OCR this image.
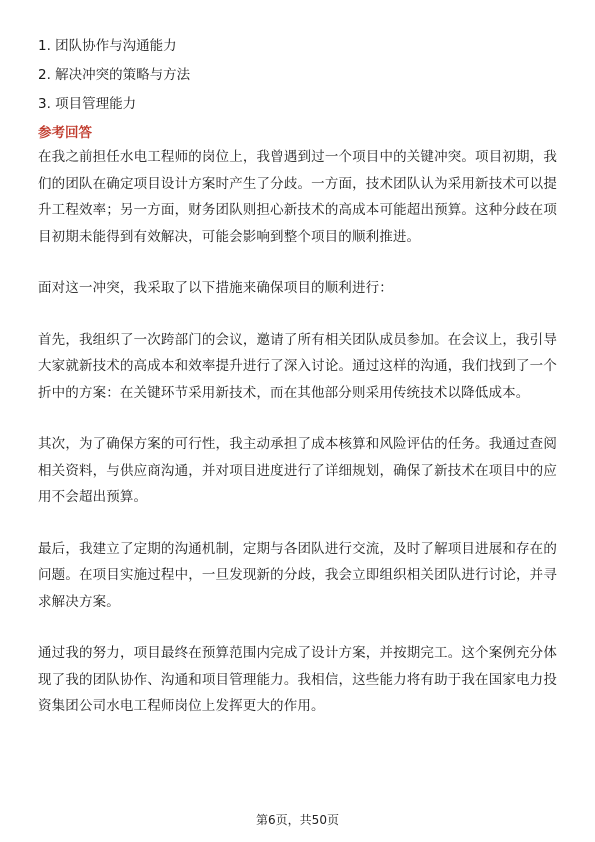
1. 团队协作与沟通能力
2. 解决冲突的策略与方法
3. 项目管理能力
参考回答
在我之前担任水电工程师的岗位上，我曾遇到过一个项目中的关键冲突。项目初期，我们的团队在确定项目设计方案时产生了分歧。一方面，技术团队认为采用新技术可以提升工程效率；另一方面，财务团队则担心新技术的高成本可能超出预算。这种分歧在项目初期未能得到有效解决，可能会影响到整个项目的顺利推进。
面对这一冲突，我采取了以下措施来确保项目的顺利进行：
首先，我组织了一次跨部门的会议，邀请了所有相关团队成员参加。在会议上，我引导大家就新技术的高成本和效率提升进行了深入讨论。通过这样的沟通，我们找到了一个折中的方案：在关键环节采用新技术，而在其他部分则采用传统技术以降低成本。
其次，为了确保方案的可行性，我主动承担了成本核算和风险评估的任务。我通过查阅相关资料，与供应商沟通，并对项目进度进行了详细规划，确保了新技术在项目中的应用不会超出预算。
最后，我建立了定期的沟通机制，定期与各团队进行交流，及时了解项目进展和存在的问题。在项目实施过程中，一旦发现新的分歧，我会立即组织相关团队进行讨论，并寻求解决方案。
通过我的努力，项目最终在预算范围内完成了设计方案，并按期完工。这个案例充分体现了我的团队协作、沟通和项目管理能力。我相信，这些能力将有助于我在国家电力投资集团公司水电工程师岗位上发挥更大的作用。
第6页，共50页
